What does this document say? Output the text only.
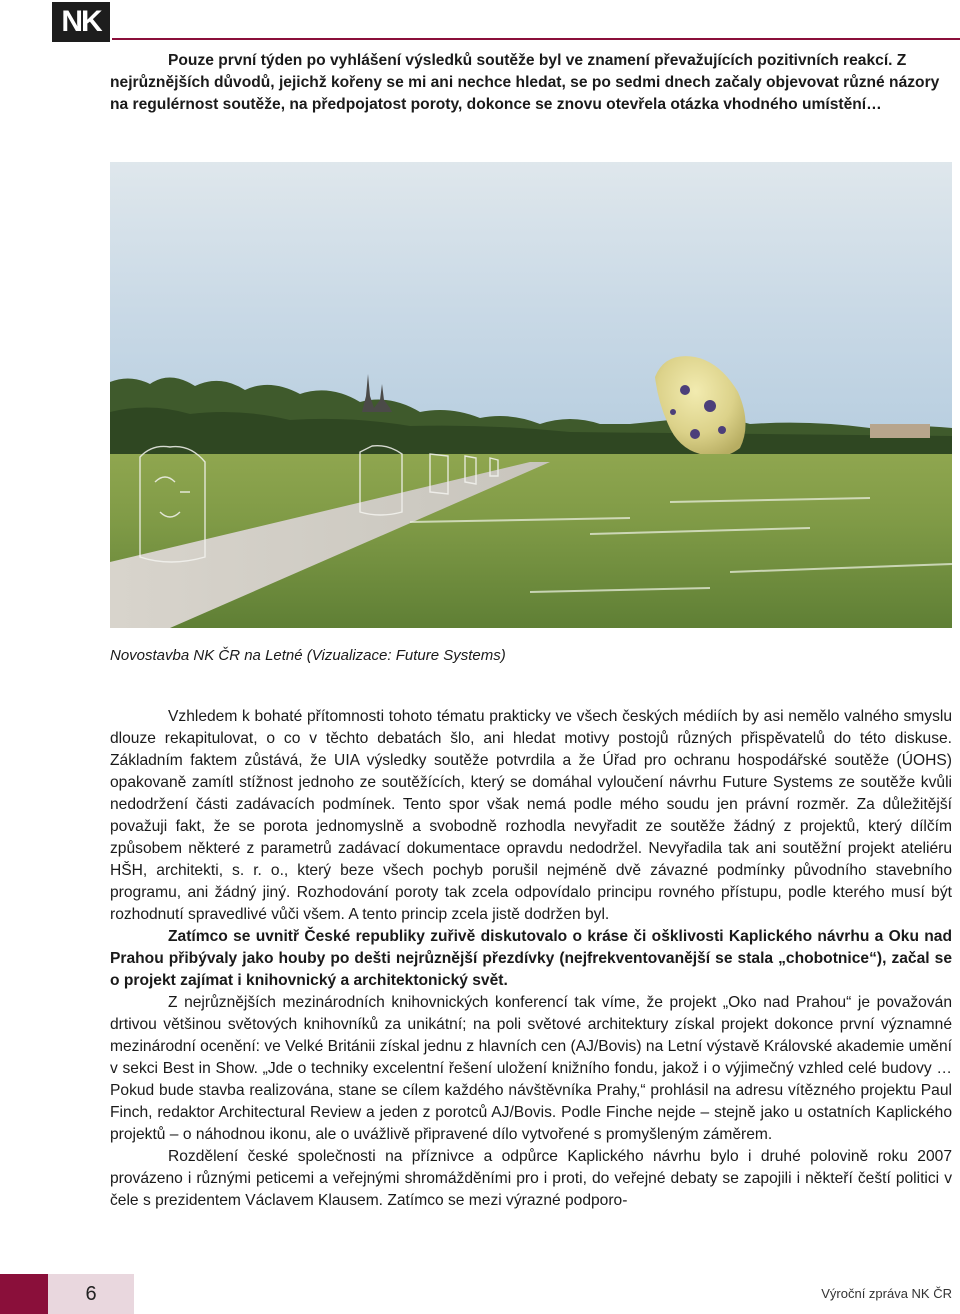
NK

Pouze první týden po vyhlášení výsledků soutěže byl ve znamení převažujících pozitivních reakcí. Z nejrůznějších důvodů, jejichž kořeny se mi ani nechce hledat, se po sedmi dnech začaly objevovat různé názory na regulérnost soutěže, na předpojatost poroty, dokonce se znovu otevřela otázka vhodného umístění…

Novostavba NK ČR na Letné (Vizualizace: Future Systems)

Vzhledem k bohaté přítomnosti tohoto tématu prakticky ve všech českých médiích by asi nemělo valného smyslu dlouze rekapitulovat, o co v těchto debatách šlo, ani hledat motivy postojů různých přispěvatelů do této diskuse. Základním faktem zůstává, že UIA výsledky soutěže potvrdila a že Úřad pro ochranu hospodářské soutěže (ÚOHS) opakovaně zamítl stížnost jednoho ze soutěžících, který se domáhal vyloučení návrhu Future Systems ze soutěže kvůli nedodržení části zadávacích podmínek. Tento spor však nemá podle mého soudu jen právní rozměr. Za důležitější považuji fakt, že se porota jednomyslně a svobodně rozhodla nevyřadit ze soutěže žádný z projektů, který dílčím způsobem některé z parametrů zadávací dokumentace opravdu nedodržel. Nevyřadila tak ani soutěžní projekt ateliéru HŠH, architekti, s. r. o., který beze všech pochyb porušil nejméně dvě závazné podmínky původního stavebního programu, ani žádný jiný. Rozhodování poroty tak zcela odpovídalo principu rovného přístupu, podle kterého musí být rozhodnutí spravedlivé vůči všem. A tento princip zcela jistě dodržen byl.

Zatímco se uvnitř České republiky zuřivě diskutovalo o kráse či ošklivosti Kaplického návrhu a Oku nad Prahou přibývaly jako houby po dešti nejrůznější přezdívky (nejfrekventovanější se stala „chobotnice“), začal se o projekt zajímat i knihovnický a architektonický svět.

Z nejrůznějších mezinárodních knihovnických konferencí tak víme, že projekt „Oko nad Prahou“ je považován drtivou většinou světových knihovníků za unikátní; na poli světové architektury získal projekt dokonce první významné mezinárodní ocenění: ve Velké Británii získal jednu z hlavních cen (AJ/Bovis) na Letní výstavě Královské akademie umění v sekci Best in Show. „Jde o techniky excelentní řešení uložení knižního fondu, jakož i o výjimečný vzhled celé budovy … Pokud bude stavba realizována, stane se cílem každého návštěvníka Prahy,“ prohlásil na adresu vítězného projektu Paul Finch, redaktor Architectural Review a jeden z porotců AJ/Bovis. Podle Finche nejde – stejně jako u ostatních Kaplického projektů – o náhodnou ikonu, ale o uvážlivě připravené dílo vytvořené s promyšleným záměrem.

Rozdělení české společnosti na příznivce a odpůrce Kaplického návrhu bylo i druhé polovině roku 2007 provázeno i různými peticemi a veřejnými shromážděními pro i proti, do veřejné debaty se zapojili i někteří čeští politici v čele s prezidentem Václavem Klausem. Zatímco se mezi výrazné podporo-

6	Výroční zpráva NK ČR
